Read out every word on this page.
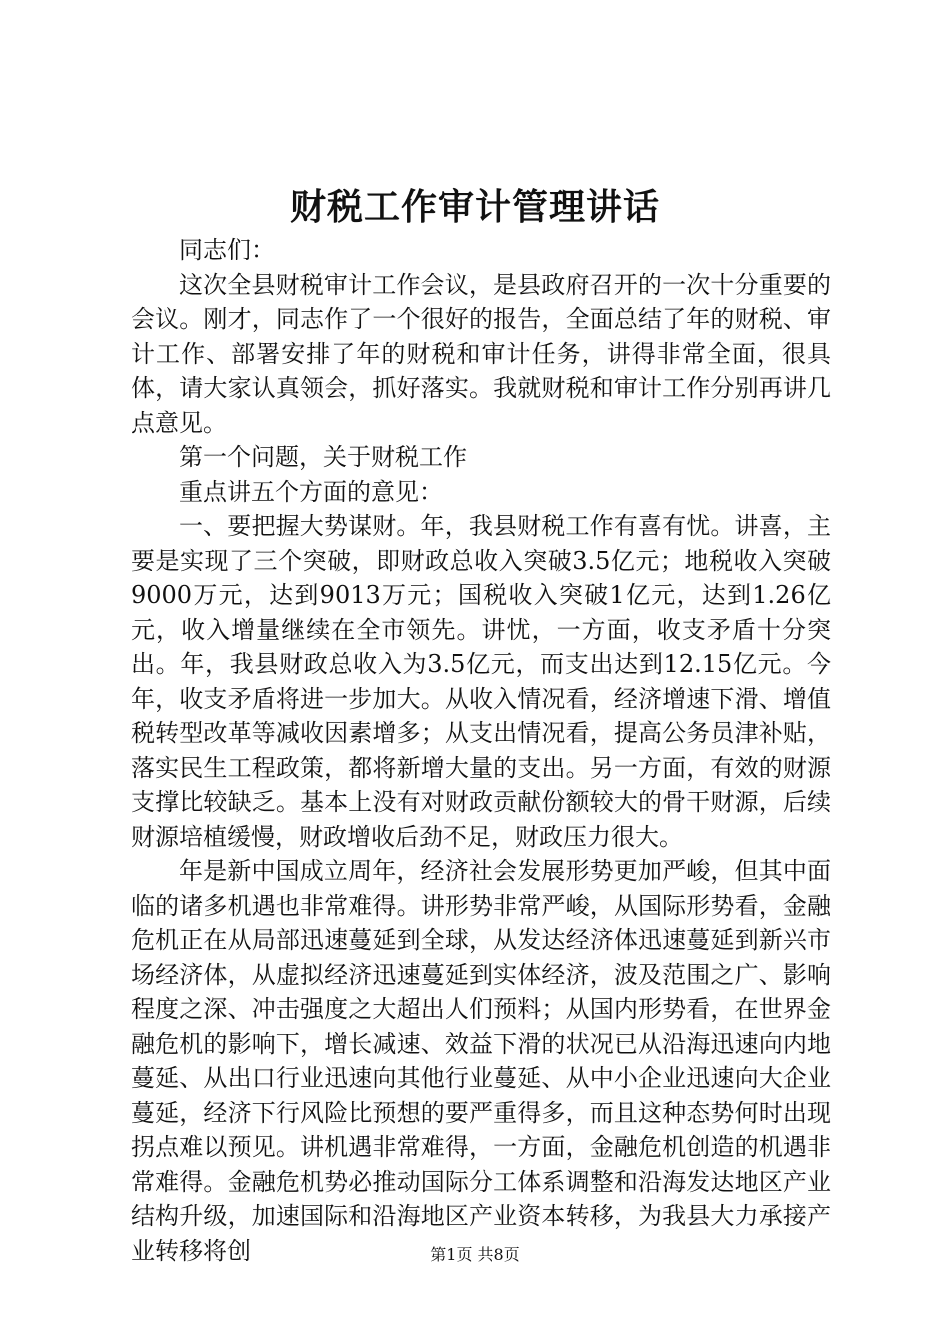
财税工作审计管理讲话

同志们：

这次全县财税审计工作会议，是县政府召开的一次十分重要的会议。刚才，同志作了一个很好的报告，全面总结了年的财税、审计工作、部署安排了年的财税和审计任务，讲得非常全面，很具体，请大家认真领会，抓好落实。我就财税和审计工作分别再讲几点意见。

第一个问题，关于财税工作

重点讲五个方面的意见：

一、要把握大势谋财。年，我县财税工作有喜有忧。讲喜，主要是实现了三个突破，即财政总收入突破3.5亿元；地税收入突破9000万元，达到9013万元；国税收入突破1亿元，达到1.26亿元，收入增量继续在全市领先。讲忧，一方面，收支矛盾十分突出。年，我县财政总收入为3.5亿元，而支出达到12.15亿元。今年，收支矛盾将进一步加大。从收入情况看，经济增速下滑、增值税转型改革等减收因素增多；从支出情况看，提高公务员津补贴，落实民生工程政策，都将新增大量的支出。另一方面，有效的财源支撑比较缺乏。基本上没有对财政贡献份额较大的骨干财源，后续财源培植缓慢，财政增收后劲不足，财政压力很大。

年是新中国成立周年，经济社会发展形势更加严峻，但其中面临的诸多机遇也非常难得。讲形势非常严峻，从国际形势看，金融危机正在从局部迅速蔓延到全球，从发达经济体迅速蔓延到新兴市场经济体，从虚拟经济迅速蔓延到实体经济，波及范围之广、影响程度之深、冲击强度之大超出人们预料；从国内形势看，在世界金融危机的影响下，增长减速、效益下滑的状况已从沿海迅速向内地蔓延、从出口行业迅速向其他行业蔓延、从中小企业迅速向大企业蔓延，经济下行风险比预想的要严重得多，而且这种态势何时出现拐点难以预见。讲机遇非常难得，一方面，金融危机创造的机遇非常难得。金融危机势必推动国际分工体系调整和沿海发达地区产业结构升级，加速国际和沿海地区产业资本转移，为我县大力承接产业转移将创	第1页 共8页
